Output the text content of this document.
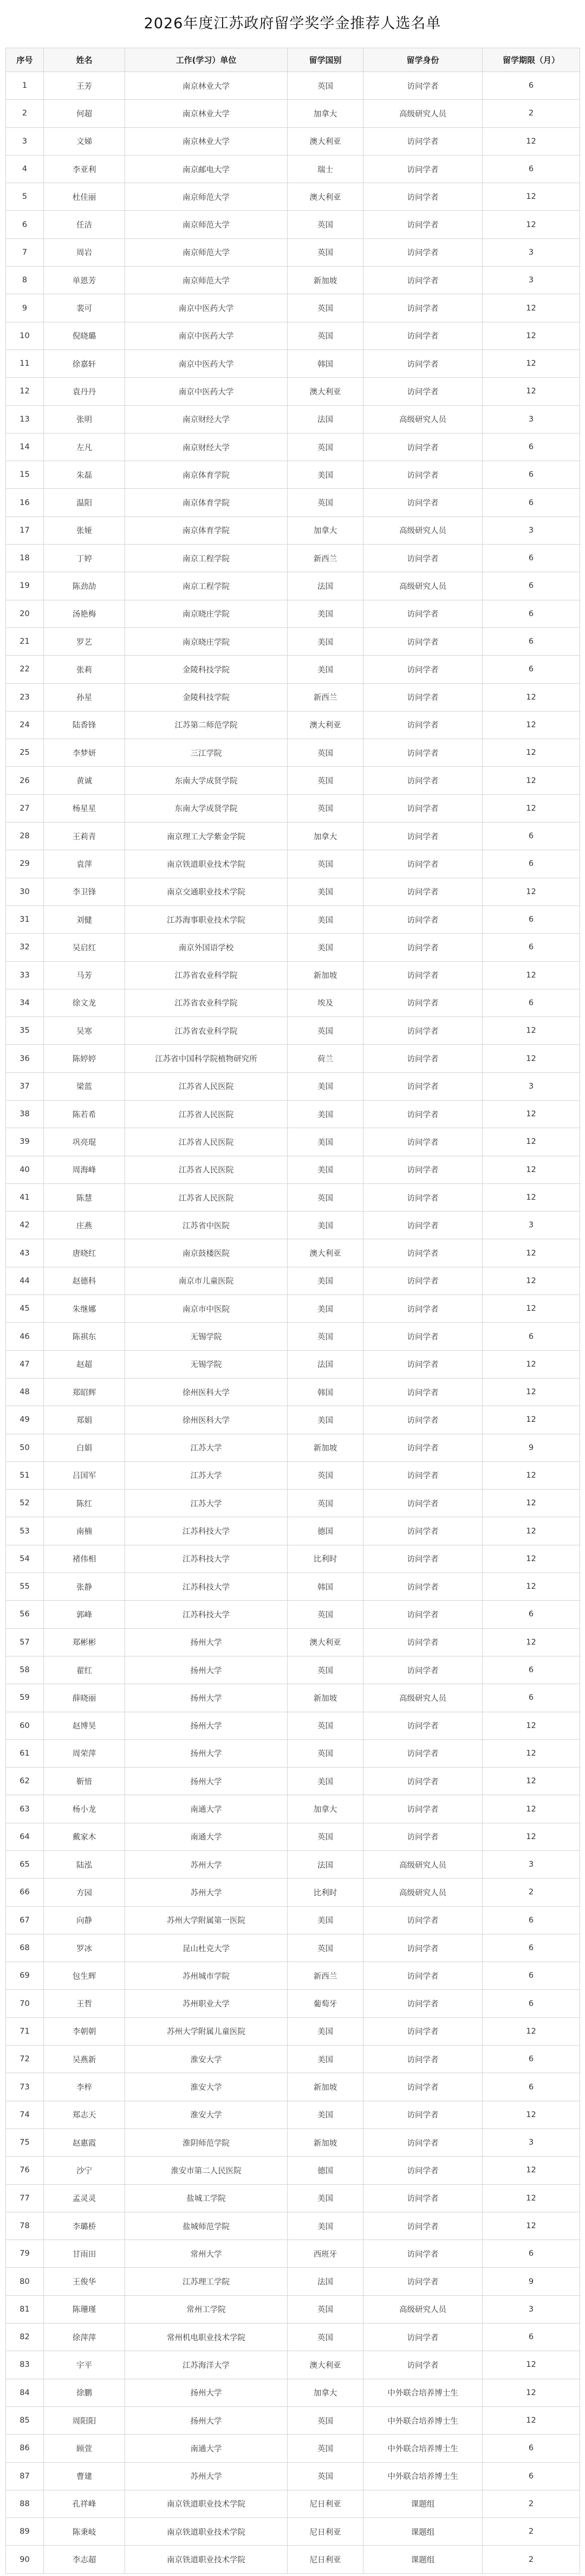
2026年度江苏政府留学奖学金推荐人选名单
序号	姓名	工作(学习）单位	留学国别	留学身份	留学期限（月）
1	王芳	南京林业大学	英国	访问学者	6
2	何超	南京林业大学	加拿大	高级研究人员	2
3	文娣	南京林业大学	澳大利亚	访问学者	12
4	李亚利	南京邮电大学	瑞士	访问学者	6
5	杜佳丽	南京师范大学	澳大利亚	访问学者	12
6	任洁	南京师范大学	英国	访问学者	12
7	周岩	南京师范大学	英国	访问学者	3
8	单恩芳	南京师范大学	新加坡	访问学者	3
9	裴可	南京中医药大学	英国	访问学者	12
10	倪晓璐	南京中医药大学	英国	访问学者	12
11	徐嘉轩	南京中医药大学	韩国	访问学者	12
12	袁丹丹	南京中医药大学	澳大利亚	访问学者	12
13	张明	南京财经大学	法国	高级研究人员	3
14	左凡	南京财经大学	英国	访问学者	6
15	朱磊	南京体育学院	美国	访问学者	6
16	温阳	南京体育学院	英国	访问学者	6
17	张娅	南京体育学院	加拿大	高级研究人员	3
18	丁婷	南京工程学院	新西兰	访问学者	6
19	陈劲劼	南京工程学院	法国	高级研究人员	6
20	汤艳梅	南京晓庄学院	美国	访问学者	6
21	罗艺	南京晓庄学院	美国	访问学者	6
22	张莉	金陵科技学院	美国	访问学者	6
23	孙星	金陵科技学院	新西兰	访问学者	12
24	陆香锋	江苏第二师范学院	澳大利亚	访问学者	12
25	李梦妍	三江学院	英国	访问学者	12
26	黄诚	东南大学成贤学院	英国	访问学者	12
27	杨星星	东南大学成贤学院	英国	访问学者	12
28	王莉青	南京理工大学紫金学院	加拿大	访问学者	6
29	袁萍	南京铁道职业技术学院	英国	访问学者	6
30	李卫锋	南京交通职业技术学院	美国	访问学者	12
31	刘健	江苏海事职业技术学院	美国	访问学者	6
32	吴启红	南京外国语学校	美国	访问学者	6
33	马芳	江苏省农业科学院	新加坡	访问学者	12
34	徐文龙	江苏省农业科学院	埃及	访问学者	6
35	吴寒	江苏省农业科学院	英国	访问学者	12
36	陈婷婷	江苏省中国科学院植物研究所	荷兰	访问学者	12
37	梁蓝	江苏省人民医院	美国	访问学者	3
38	陈若希	江苏省人民医院	美国	访问学者	12
39	巩亮琨	江苏省人民医院	美国	访问学者	12
40	周海峰	江苏省人民医院	美国	访问学者	12
41	陈慧	江苏省人民医院	英国	访问学者	12
42	庄燕	江苏省中医院	美国	访问学者	3
43	唐晓红	南京鼓楼医院	澳大利亚	访问学者	12
44	赵德科	南京市儿童医院	美国	访问学者	12
45	朱继娜	南京市中医院	美国	访问学者	12
46	陈祺东	无锡学院	英国	访问学者	6
47	赵超	无锡学院	法国	访问学者	12
48	郑昭辉	徐州医科大学	韩国	访问学者	12
49	郑娟	徐州医科大学	美国	访问学者	12
50	白娟	江苏大学	新加坡	访问学者	9
51	吕国军	江苏大学	英国	访问学者	12
52	陈红	江苏大学	英国	访问学者	12
53	南楠	江苏科技大学	德国	访问学者	12
54	褚伟相	江苏科技大学	比利时	访问学者	12
55	张静	江苏科技大学	韩国	访问学者	12
56	郭峰	江苏科技大学	英国	访问学者	6
57	郑彬彬	扬州大学	澳大利亚	访问学者	12
58	翟红	扬州大学	英国	访问学者	6
59	薛晓丽	扬州大学	新加坡	高级研究人员	6
60	赵博昊	扬州大学	英国	访问学者	12
61	周荣萍	扬州大学	英国	访问学者	12
62	靳愔	扬州大学	美国	访问学者	12
63	杨小龙	南通大学	加拿大	访问学者	12
64	戴家木	南通大学	英国	访问学者	12
65	陆泓	苏州大学	法国	高级研究人员	3
66	方园	苏州大学	比利时	高级研究人员	2
67	向静	苏州大学附属第一医院	美国	访问学者	6
68	罗冰	昆山杜克大学	英国	访问学者	6
69	包生辉	苏州城市学院	新西兰	访问学者	6
70	王哲	苏州职业大学	葡萄牙	访问学者	6
71	李朝朝	苏州大学附属儿童医院	美国	访问学者	12
72	吴燕新	淮安大学	美国	访问学者	6
73	李梓	淮安大学	新加坡	访问学者	6
74	郑志天	淮安大学	美国	访问学者	12
75	赵惠霞	淮阴师范学院	新加坡	访问学者	3
76	沙宁	淮安市第二人民医院	德国	访问学者	12
77	孟灵灵	盐城工学院	美国	访问学者	12
78	李璐桥	盐城师范学院	美国	访问学者	12
79	甘雨田	常州大学	西班牙	访问学者	6
80	王俊华	江苏理工学院	法国	访问学者	9
81	陈珊瑾	常州工学院	英国	高级研究人员	3
82	徐萍萍	常州机电职业技术学院	英国	访问学者	6
83	宇平	江苏海洋大学	澳大利亚	访问学者	12
84	徐鹏	扬州大学	加拿大	中外联合培养博士生	12
85	周阳阳	扬州大学	英国	中外联合培养博士生	12
86	顾萱	南通大学	英国	中外联合培养博士生	6
87	曹建	苏州大学	英国	中外联合培养博士生	6
88	孔祥峰	南京铁道职业技术学院	尼日利亚	课题组	2
89	陈秉岐	南京铁道职业技术学院	尼日利亚	课题组	2
90	李志超	南京铁道职业技术学院	尼日利亚	课题组	2
